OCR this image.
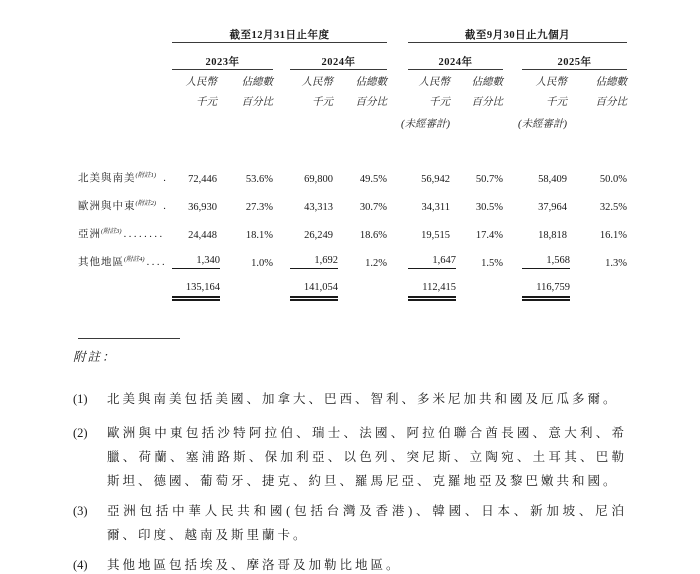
	截至12月31日止年度						截至9月30日止九個月				
	2023年			2024年			2024年			2025年	
	人民幣	佔總數		人民幣	佔總數		人民幣	佔總數		人民幣	佔總數
	千元	百分比		千元	百分比		千元	百分比		千元	百分比
						(未經審計)			(未經審計)		

北美與南美$^{(附註1)}$ .	72,446	53.6%		69,800	49.5%		56,942	50.7%		58,409	50.0%
歐洲與中東$^{(附註2)}$ .	36,930	27.3%		43,313	30.7%		34,311	30.5%		37,964	32.5%
亞洲$^{(附註3)}$ ........	24,448	18.1%		26,249	18.6%		19,515	17.4%		18,818	16.1%
其他地區$^{(附註4)}$ ....	1,340	1.0%		1,692	1.2%		1,647	1.5%		1,568	1.3%
	135,164			141,054			112,415			116,759	
附註：
(1)	北美與南美包括美國、加拿大、巴西、智利、多米尼加共和國及厄瓜多爾。
(2)	歐洲與中東包括沙特阿拉伯、瑞士、法國、阿拉伯聯合酋長國、意大利、希臘、荷蘭、塞浦路斯、保加利亞、以色列、突尼斯、立陶宛、土耳其、巴勒斯坦、德國、葡萄牙、捷克、約旦、羅馬尼亞、克羅地亞及黎巴嫩共和國。
(3)	亞洲包括中華人民共和國(包括台灣及香港)、韓國、日本、新加坡、尼泊爾、印度、越南及斯里蘭卡。
(4)	其他地區包括埃及、摩洛哥及加勒比地區。
